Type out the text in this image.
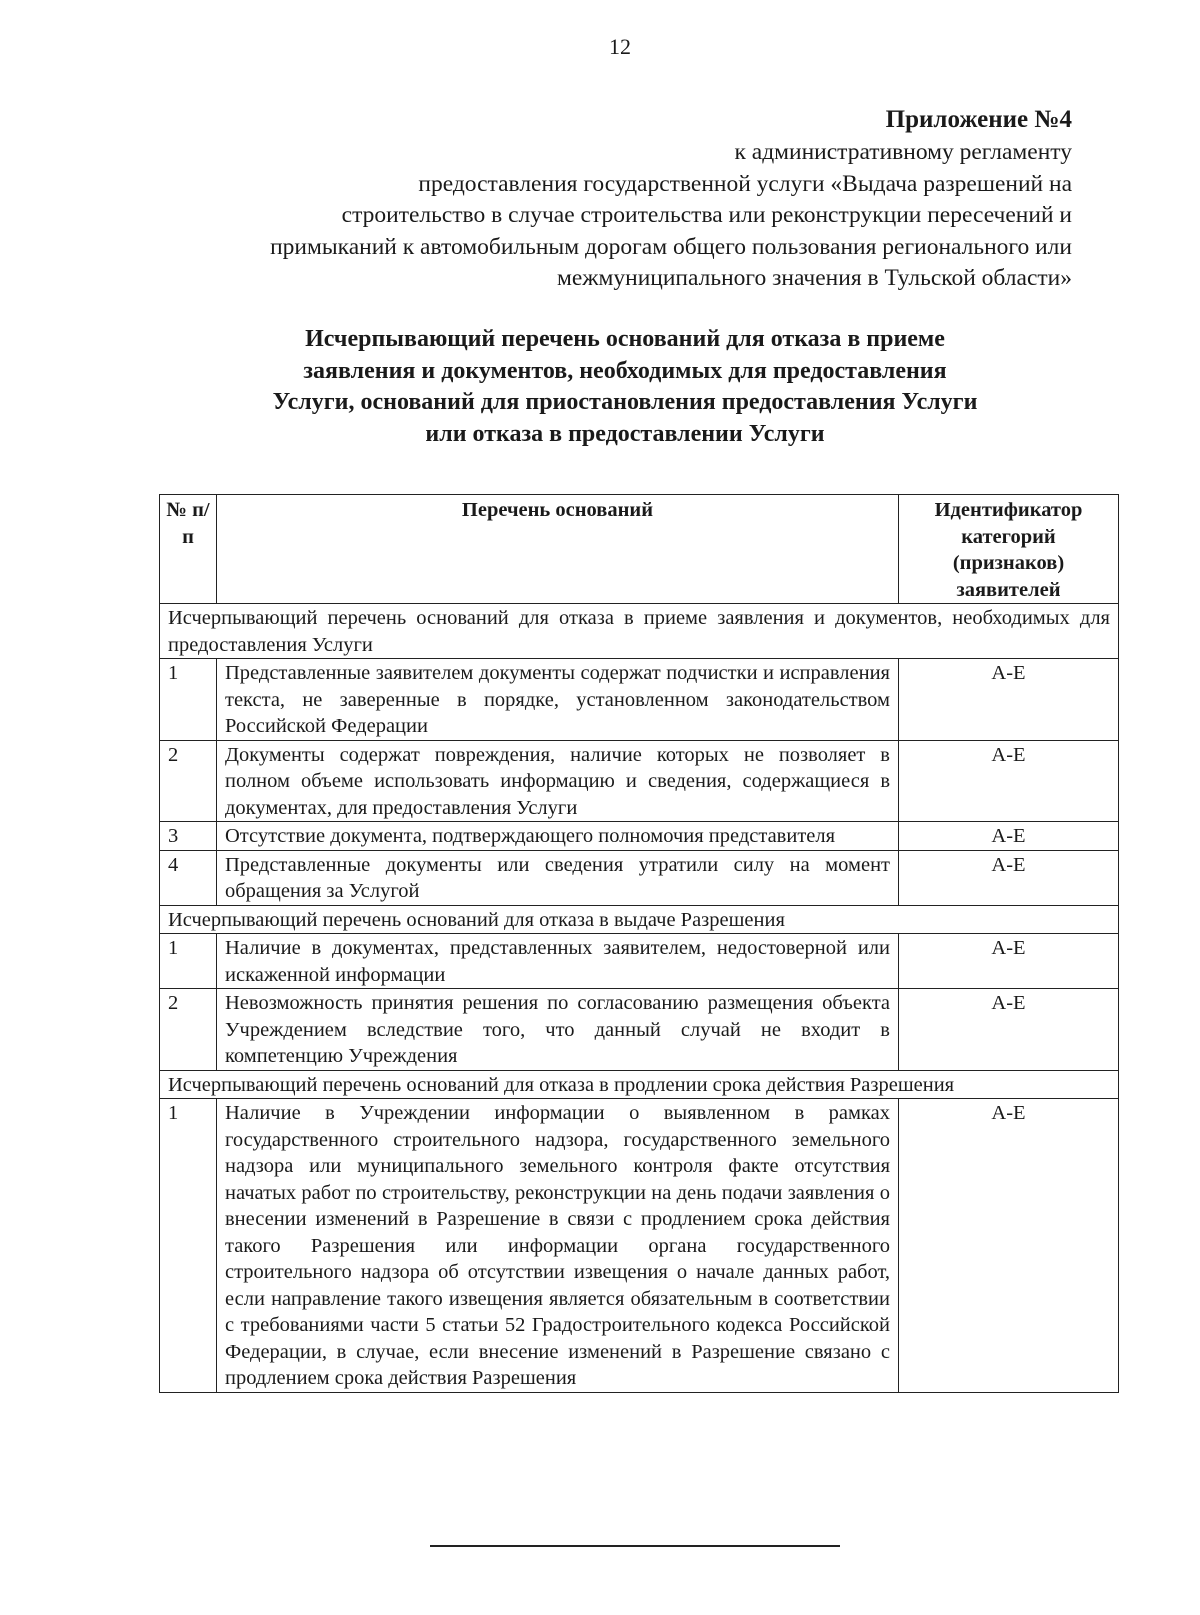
12
Приложение №4
к административному регламенту
предоставления государственной услуги «Выдача разрешений на
строительство в случае строительства или реконструкции пересечений и
примыканий к автомобильным дорогам общего пользования регионального или
межмуниципального значения в Тульской области»
Исчерпывающий перечень оснований для отказа в приеме
заявления и документов, необходимых для предоставления
Услуги, оснований для приостановления предоставления Услуги
или отказа в предоставлении Услуги
№ п/п	Перечень оснований	Идентификатор категорий (признаков) заявителей
Исчерпывающий перечень оснований для отказа в приеме заявления и документов, необходимых для предоставления Услуги		
1	Представленные заявителем документы содержат подчистки и исправления текста, не заверенные в порядке, установленном законодательством Российской Федерации	А-Е
2	Документы содержат повреждения, наличие которых не позволяет в полном объеме использовать информацию и сведения, содержащиеся в документах, для предоставления Услуги	А-Е
3	Отсутствие документа, подтверждающего полномочия представителя	А-Е
4	Представленные документы или сведения утратили силу на момент обращения за Услугой	А-Е
Исчерпывающий перечень оснований для отказа в выдаче Разрешения		
1	Наличие в документах, представленных заявителем, недостоверной или искаженной информации	А-Е
2	Невозможность принятия решения по согласованию размещения объекта Учреждением вследствие того, что данный случай не входит в компетенцию Учреждения	А-Е
Исчерпывающий перечень оснований для отказа в продлении срока действия Разрешения		
1	Наличие в Учреждении информации о выявленном в рамках государственного строительного надзора, государственного земельного надзора или муниципального земельного контроля факте отсутствия начатых работ по строительству, реконструкции на день подачи заявления о внесении изменений в Разрешение в связи с продлением срока действия такого Разрешения или информации органа государственного строительного надзора об отсутствии извещения о начале данных работ, если направление такого извещения является обязательным в соответствии с требованиями части 5 статьи 52 Градостроительного кодекса Российской Федерации, в случае, если внесение изменений в Разрешение связано с продлением срока действия Разрешения	А-Е
